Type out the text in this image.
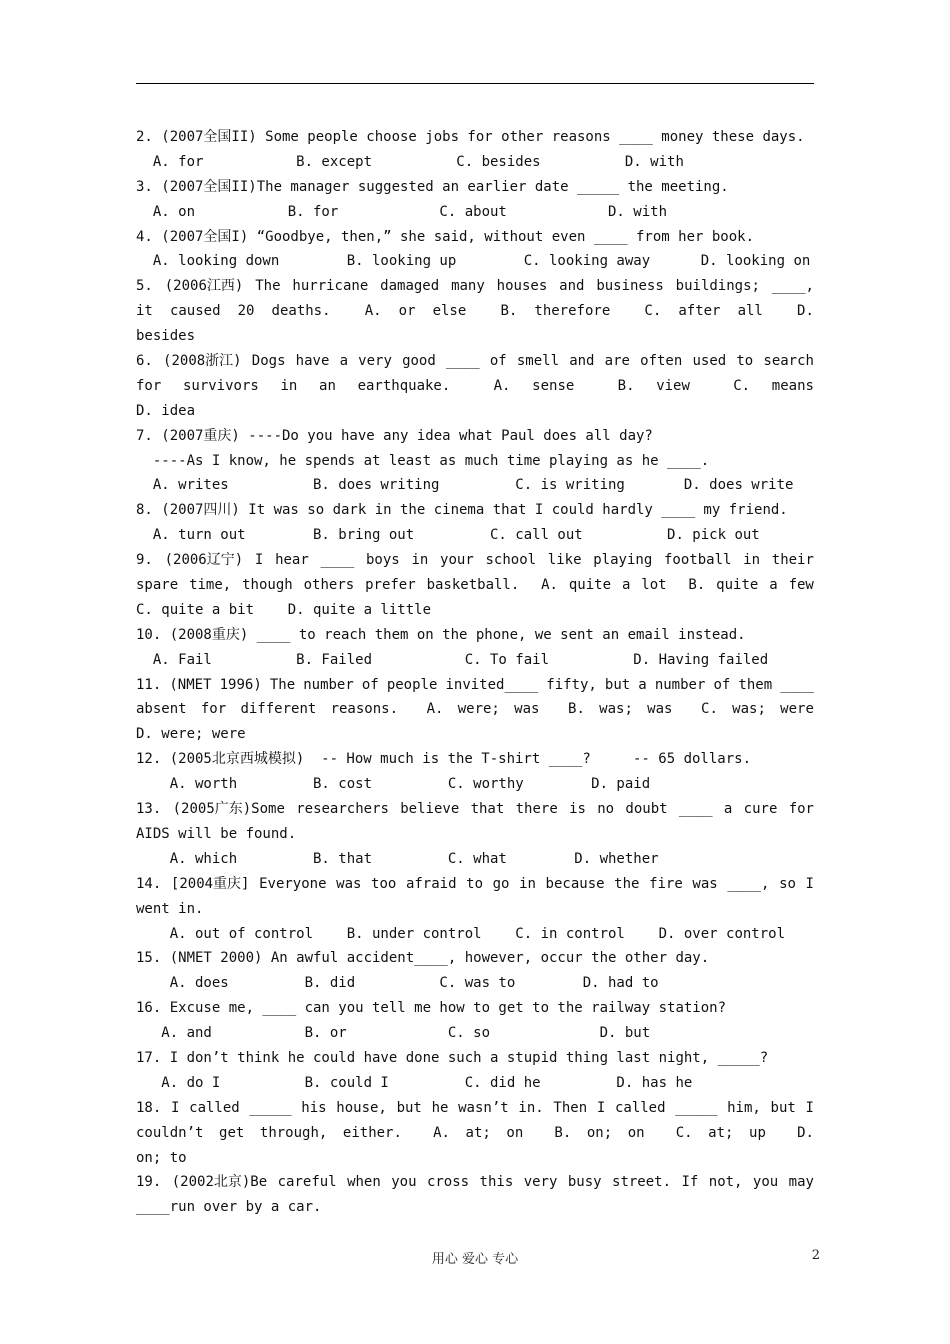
2. (2007全国II) Some people choose jobs for other reasons ____ money these days.
A. for           B. except          C. besides          D. with
3. (2007全国II)The manager suggested an earlier date _____ the meeting.
A. on           B. for            C. about            D. with
4. (2007全国I) “Goodbye, then,” she said, without even ____ from her book.
A. looking down        B. looking up        C. looking away      D. looking on
5. (2006江西) The hurricane damaged many houses and business buildings; ____,
it caused 20 deaths. A. or else B. therefore C. after all D.
besides
6. (2008浙江) Dogs have a very good ____ of smell and are often used to search
for survivors in an earthquake.	A. sense	B. view	C. means
D. idea
7. (2007重庆) ----Do you have any idea what Paul does all day?
----As I know, he spends at least as much time playing as he ____.
A. writes          B. does writing         C. is writing       D. does write
8. (2007四川) It was so dark in the cinema that I could hardly ____ my friend.
A. turn out        B. bring out         C. call out          D. pick out
9. (2006辽宁) I hear ____ boys in your school like playing football in their
spare time, though others prefer basketball. A. quite a lot B. quite a few
C. quite a bit    D. quite a little
10. (2008重庆) ____ to reach them on the phone, we sent an email instead.
A. Fail          B. Failed           C. To fail          D. Having failed
11. (NMET 1996) The number of people invited____ fifty, but a number of them ____
absent for different reasons. A. were; was B. was; was C. was; were
D. were; were
12. (2005北京西城模拟)  -- How much is the T-shirt ____?     -- 65 dollars.
A. worth         B. cost         C. worthy        D. paid
13. (2005广东)Some researchers believe that there is no doubt ____ a cure for
AIDS will be found.
A. which         B. that         C. what        D. whether
14. [2004重庆] Everyone was too afraid to go in because the fire was ____, so I
went in.
A. out of control    B. under control    C. in control    D. over control
15. (NMET 2000) An awful accident____, however, occur the other day.
A. does         B. did          C. was to        D. had to
16. Excuse me, ____ can you tell me how to get to the railway station?
A. and           B. or            C. so             D. but
17. I don’t think he could have done such a stupid thing last night, _____?
A. do I          B. could I         C. did he         D. has he
18. I called _____ his house, but he wasn’t in. Then I called _____ him, but I
couldn’t get through, either. A. at; on B. on; on C. at; up D.
on; to
19. (2002北京)Be careful when you cross this very busy street. If not, you may
____run over by a car.
用心 爱心 专心	2
